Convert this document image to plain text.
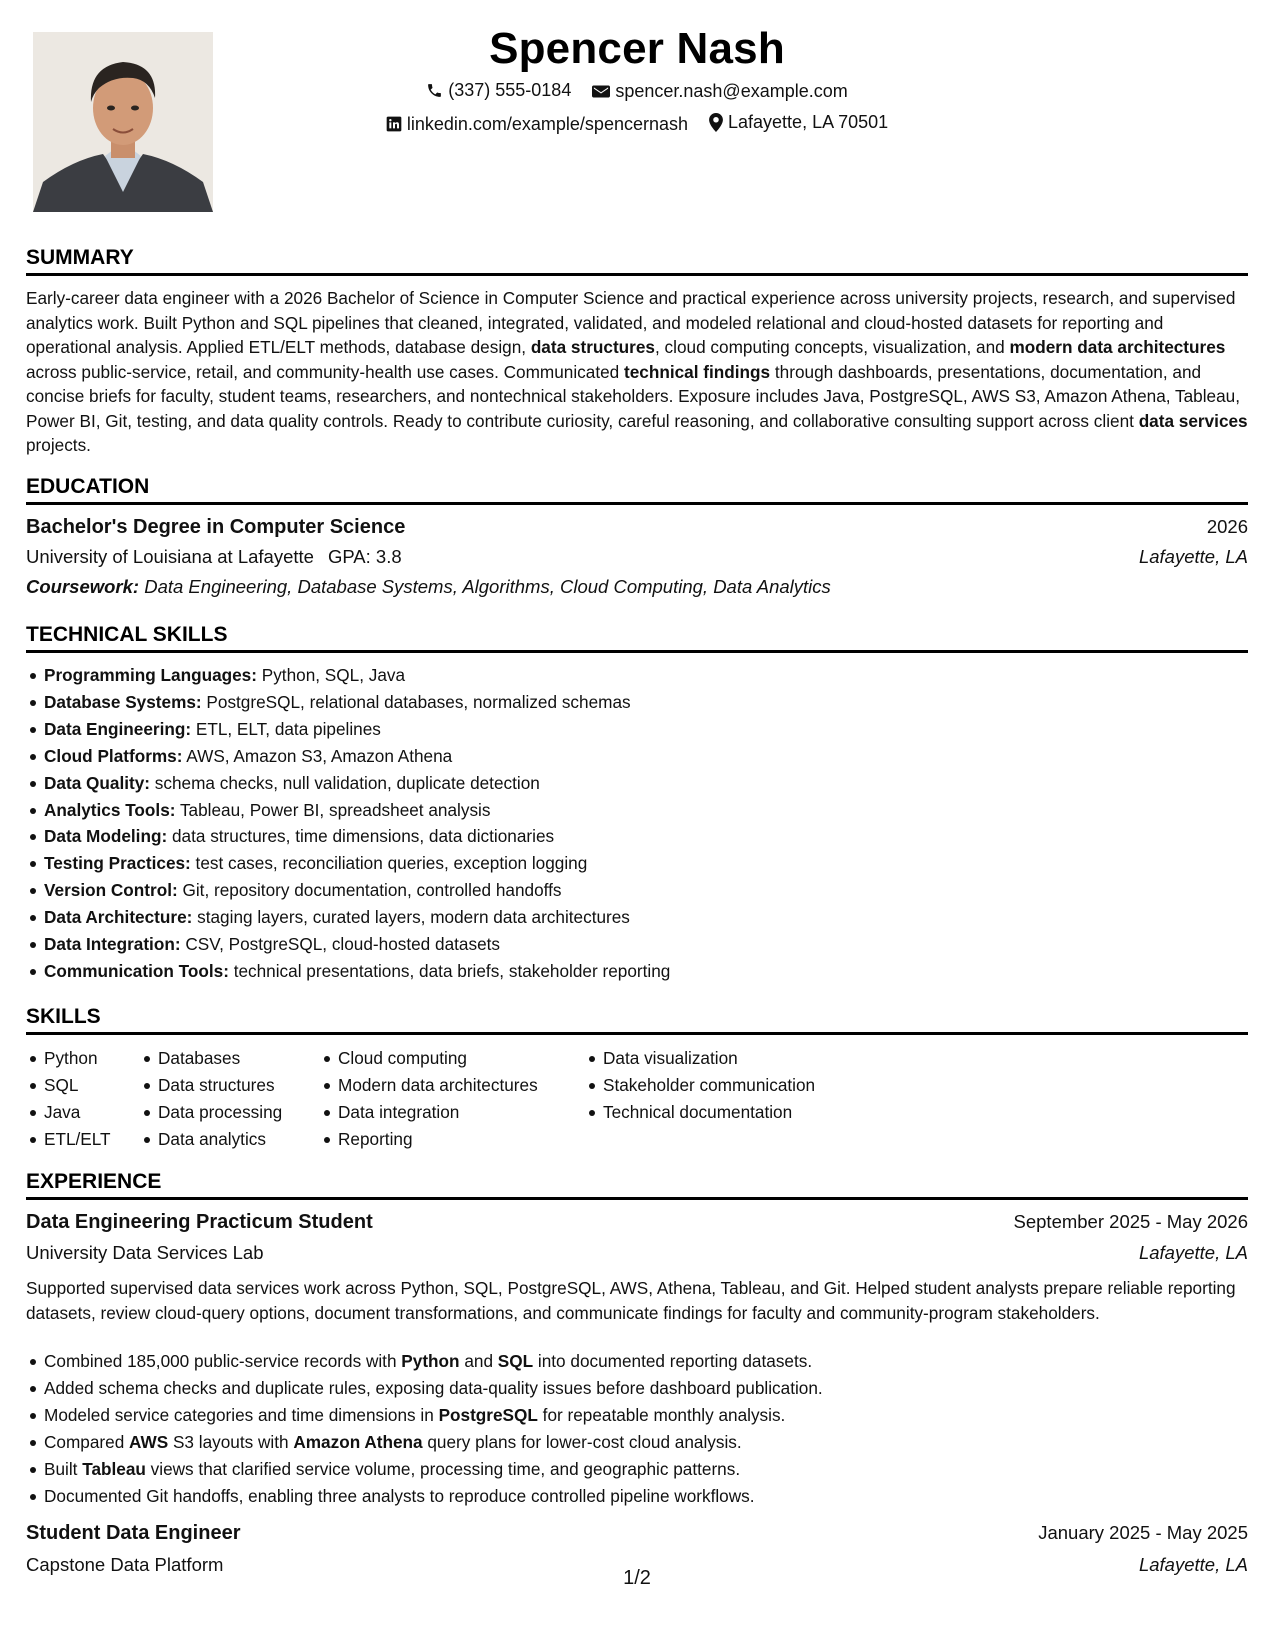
Spencer Nash
(337) 555-0184
spencer.nash@example.com
linkedin.com/example/spencernash
Lafayette, LA 70501
SUMMARY
Early-career data engineer with a 2026 Bachelor of Science in Computer Science and practical experience across university projects, research, and supervised analytics work. Built Python and SQL pipelines that cleaned, integrated, validated, and modeled relational and cloud-hosted datasets for reporting and operational analysis. Applied ETL/ELT methods, database design, data structures, cloud computing concepts, visualization, and modern data architectures across public-service, retail, and community-health use cases. Communicated technical findings through dashboards, presentations, documentation, and concise briefs for faculty, student teams, researchers, and nontechnical stakeholders. Exposure includes Java, PostgreSQL, AWS S3, Amazon Athena, Tableau, Power BI, Git, testing, and data quality controls. Ready to contribute curiosity, careful reasoning, and collaborative consulting support across client data services projects.
EDUCATION
Bachelor's Degree in Computer Science	2026
University of Louisiana at Lafayette GPA: 3.8	Lafayette, LA
Coursework: Data Engineering, Database Systems, Algorithms, Cloud Computing, Data Analytics
TECHNICAL SKILLS
Programming Languages: Python, SQL, Java
Database Systems: PostgreSQL, relational databases, normalized schemas
Data Engineering: ETL, ELT, data pipelines
Cloud Platforms: AWS, Amazon S3, Amazon Athena
Data Quality: schema checks, null validation, duplicate detection
Analytics Tools: Tableau, Power BI, spreadsheet analysis
Data Modeling: data structures, time dimensions, data dictionaries
Testing Practices: test cases, reconciliation queries, exception logging
Version Control: Git, repository documentation, controlled handoffs
Data Architecture: staging layers, curated layers, modern data architectures
Data Integration: CSV, PostgreSQL, cloud-hosted datasets
Communication Tools: technical presentations, data briefs, stakeholder reporting
SKILLS
Python
SQL
Java
ETL/ELT
Databases
Data structures
Data processing
Data analytics
Cloud computing
Modern data architectures
Data integration
Reporting
Data visualization
Stakeholder communication
Technical documentation
EXPERIENCE
Data Engineering Practicum Student	September 2025 - May 2026
University Data Services Lab	Lafayette, LA
Supported supervised data services work across Python, SQL, PostgreSQL, AWS, Athena, Tableau, and Git. Helped student analysts prepare reliable reporting datasets, review cloud-query options, document transformations, and communicate findings for faculty and community-program stakeholders.
Combined 185,000 public-service records with Python and SQL into documented reporting datasets.
Added schema checks and duplicate rules, exposing data-quality issues before dashboard publication.
Modeled service categories and time dimensions in PostgreSQL for repeatable monthly analysis.
Compared AWS S3 layouts with Amazon Athena query plans for lower-cost cloud analysis.
Built Tableau views that clarified service volume, processing time, and geographic patterns.
Documented Git handoffs, enabling three analysts to reproduce controlled pipeline workflows.
Student Data Engineer	January 2025 - May 2025
Capstone Data Platform	Lafayette, LA
1/2
